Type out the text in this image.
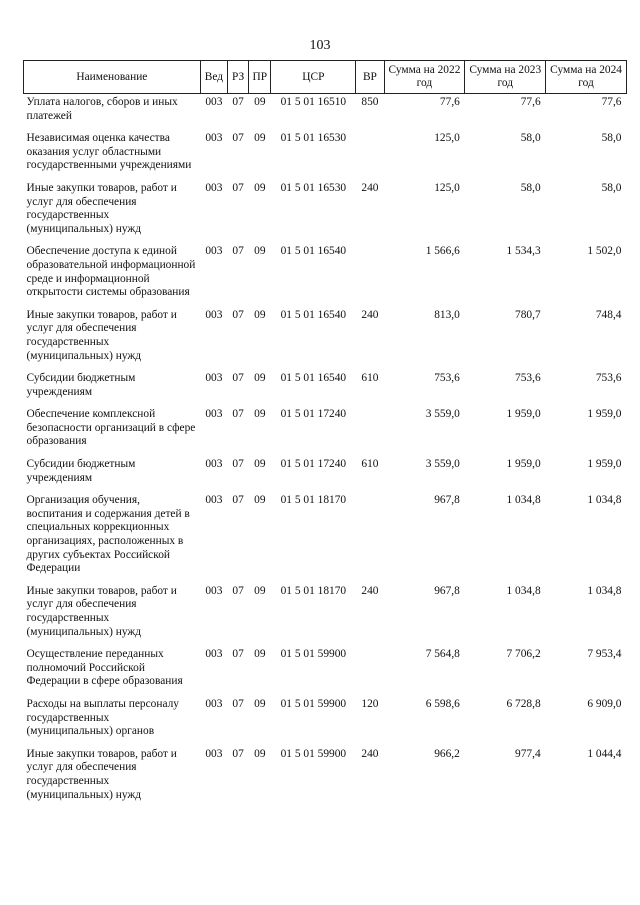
103
Наименование	Вед	РЗ	ПР	ЦСР	ВР	Сумма на 2022 год	Сумма на 2023 год	Сумма на 2024 год
Уплата налогов, сборов и иных платежей	003	07	09	01 5 01 16510	850	77,6	77,6	77,6
Независимая оценка качества оказания услуг областными государственными учреждениями	003	07	09	01 5 01 16530		125,0	58,0	58,0
Иные закупки товаров, работ и услуг для обеспечения государственных (муниципальных) нужд	003	07	09	01 5 01 16530	240	125,0	58,0	58,0
Обеспечение доступа к единой образовательной информационной среде и информационной открытости системы образования	003	07	09	01 5 01 16540		1 566,6	1 534,3	1 502,0
Иные закупки товаров, работ и услуг для обеспечения государственных (муниципальных) нужд	003	07	09	01 5 01 16540	240	813,0	780,7	748,4
Субсидии бюджетным учреждениям	003	07	09	01 5 01 16540	610	753,6	753,6	753,6
Обеспечение комплексной безопасности организаций в сфере образования	003	07	09	01 5 01 17240		3 559,0	1 959,0	1 959,0
Субсидии бюджетным учреждениям	003	07	09	01 5 01 17240	610	3 559,0	1 959,0	1 959,0
Организация обучения, воспитания и содержания детей в специальных коррекционных организациях, расположенных в других субъектах Российской Федерации	003	07	09	01 5 01 18170		967,8	1 034,8	1 034,8
Иные закупки товаров, работ и услуг для обеспечения государственных (муниципальных) нужд	003	07	09	01 5 01 18170	240	967,8	1 034,8	1 034,8
Осуществление переданных полномочий Российской Федерации в сфере образования	003	07	09	01 5 01 59900		7 564,8	7 706,2	7 953,4
Расходы на выплаты персоналу государственных (муниципальных) органов	003	07	09	01 5 01 59900	120	6 598,6	6 728,8	6 909,0
Иные закупки товаров, работ и услуг для обеспечения государственных (муниципальных) нужд	003	07	09	01 5 01 59900	240	966,2	977,4	1 044,4
